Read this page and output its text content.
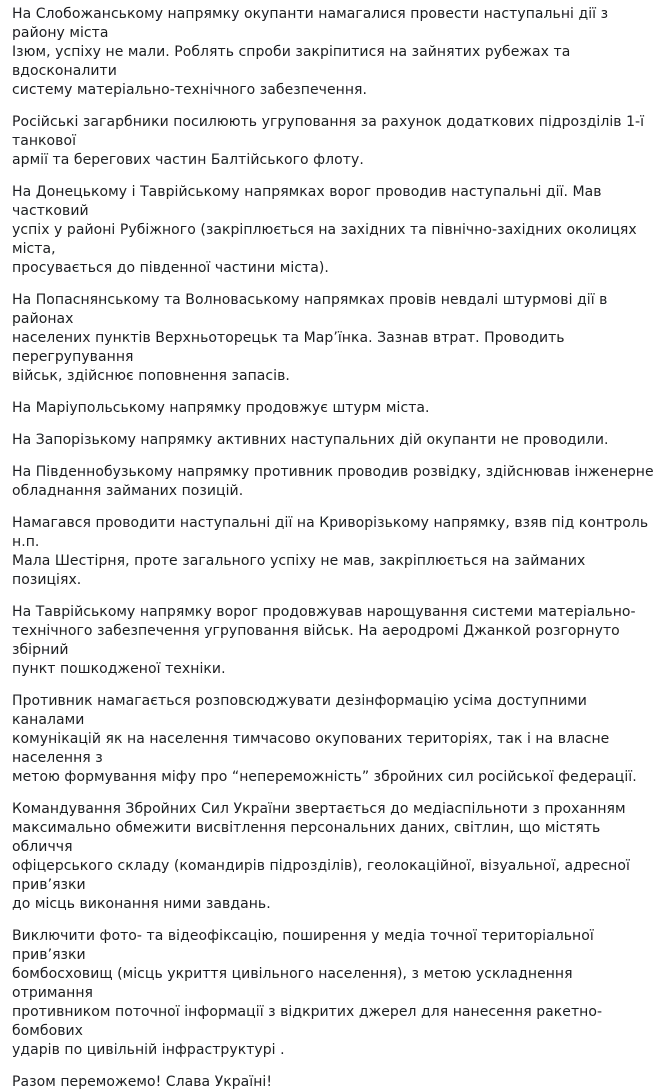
На Слобожанському напрямку окупанти намагалися провести наступальні дії з району міста
Ізюм, успіху не мали. Роблять спроби закріпитися на зайнятих рубежах та вдосконалити
систему матеріально-технічного забезпечення.

Російські загарбники посилюють угруповання за рахунок додаткових підрозділів 1-ї танкової
армії та берегових частин Балтійського флоту.

На Донецькому і Таврійському напрямках ворог проводив наступальні дії. Мав частковий
успіх у районі Рубіжного (закріплюється на західних та північно-західних околицях міста,
просувається до південної частини міста).

На Попаснянському та Волноваському напрямках провів невдалі штурмові дії в районах
населених пунктів Верхньоторецьк та Мар’їнка. Зазнав втрат. Проводить перегрупування
військ, здійснює поповнення запасів.

На Маріупольському напрямку продовжує штурм міста.

На Запорізькому напрямку активних наступальних дій окупанти не проводили.

На Південнобузькому напрямку противник проводив розвідку, здійснював інженерне
обладнання займаних позицій.

Намагався проводити наступальні дії на Криворізькому напрямку, взяв під контроль н.п.
Мала Шестірня, проте загального успіху не мав, закріплюється на займаних позиціях.

На Таврійському напрямку ворог продовжував нарощування системи матеріально-
технічного забезпечення угруповання військ. На аеродромі Джанкой розгорнуто збірний
пункт пошкодженої техніки.

Противник намагається розповсюджувати дезінформацію усіма доступними каналами
комунікацій як на населення тимчасово окупованих територіях, так і на власне населення з
метою формування міфу про “непереможність” збройних сил російської федерації.

Командування Збройних Сил України звертається до медіаспільноти з проханням
максимально обмежити висвітлення персональних даних, світлин, що містять обличчя
офіцерського складу (командирів підрозділів), геолокаційної, візуальної, адресної прив’язки
до місць виконання ними завдань.

Виключити фото- та відеофіксацію, поширення у медіа точної територіальної прив’язки
бомбосховищ (місць укриття цивільного населення), з метою ускладнення отримання
противником поточної інформації з відкритих джерел для нанесення ракетно-бомбових
ударів по цивільній інфраструктурі .

Разом переможемо! Слава Україні!
